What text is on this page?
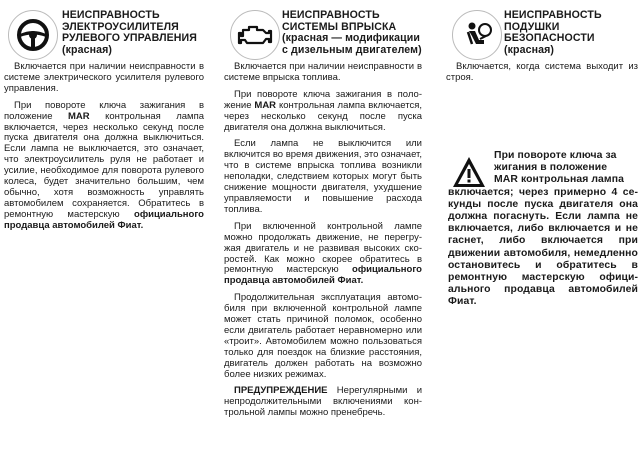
НЕИСПРАВНОСТЬ
ЭЛЕКТРОУСИЛИТЕЛЯ
РУЛЕВОГО УПРАВЛЕНИЯ
(красная)

Включается при наличии неисправности в системе электрического усилителя рулевого управления.

При повороте ключа зажигания в положение MAR контрольная лампа включается, через несколько секунд после пуска двигателя она должна выключиться. Если лампа не выключается, это означает, что электроусилитель руля не работает и усилие, необходимое для поворота рулевого колеса, будет значительно большим, чем обычно, хотя возможность управлять автомобилем сохраняется. Обратитесь в ремонтную мастерскую официального продавца автомобилей Фиат.

НЕИСПРАВНОСТЬ
СИСТЕМЫ ВПРЫСКА
(красная — модификации
с дизельным двигателем)

Включается при наличии неисправности в системе впрыска топлива.

При повороте ключа зажигания в положение MAR контрольная лампа включается, через несколько секунд после пуска двигателя она должна выключиться.

Если лампа не выключится или включится во время движения, это означает, что в системе впрыска топлива возникли неполадки, следствием которых могут быть снижение мощности двигателя, ухудшение управляемости и повышение расхода топлива.

При включенной контрольной лампе можно продолжать движение, не перегружая двигатель и не развивая высоких скоростей. Как можно скорее обратитесь в ремонтную мастерскую официального продавца автомобилей Фиат.

Продолжительная эксплуатация автомобиля при включенной контрольной лампе может стать причиной поломок, особенно если двигатель работает неравномерно или «троит». Автомобилем можно пользоваться только для поездок на близкие расстояния, двигатель должен работать на возможно более низких режимах.

ПРЕДУПРЕЖДЕНИЕ Нерегулярными и непродолжительными включениями контрольной лампы можно пренебречь.

НЕИСПРАВНОСТЬ
ПОДУШКИ
БЕЗОПАСНОСТИ
(красная)

Включается, когда система выходит из строя.

При повороте ключа за
жигания в положение
MAR контрольная лампа
включается; через примерно 4 секунды после пуска двигателя она должна погаснуть. Если лампа не включается, либо включается и не гаснет, либо включается при движении автомобиля, немедленно остановитесь и обратитесь в ремонтную мастерскую официального продавца автомобилей Фиат.
